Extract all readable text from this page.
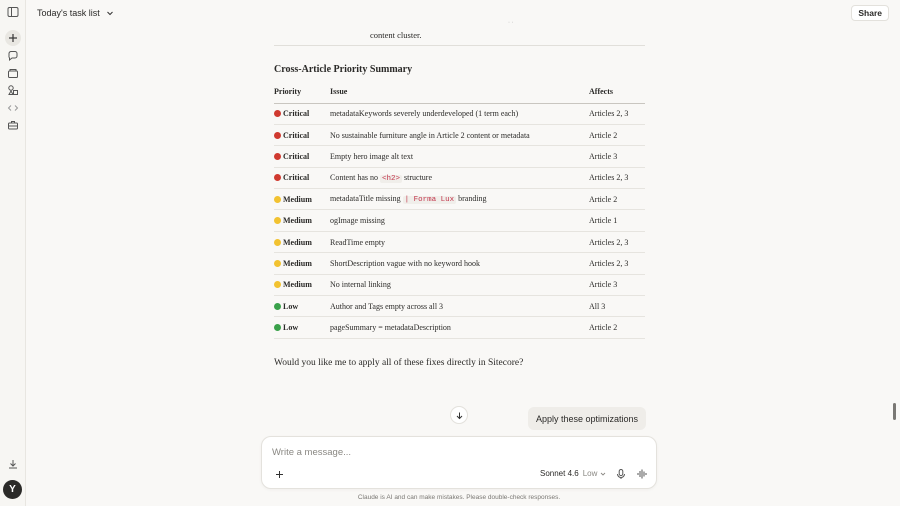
Y
Today's task list	Share
· ·
content cluster.
Cross-Article Priority Summary
Priority	Issue	Affects

Critical	metadataKeywords severely underdeveloped (1 term each)	Articles 2, 3

Critical	No sustainable furniture angle in Article 2 content or metadata	Article 2

Critical	Empty hero image alt text	Article 3

Critical	Content has no <h2> structure	Articles 2, 3

Medium	metadataTitle missing | Forma Lux branding	Article 2

Medium	ogImage missing	Article 1

Medium	ReadTime empty	Articles 2, 3

Medium	ShortDescription vague with no keyword hook	Articles 2, 3

Medium	No internal linking	Article 3

Low	Author and Tags empty across all 3	All 3

Low	pageSummary = metadataDescription	Article 2
Would you like me to apply all of these fixes directly in Sitecore?
Apply these optimizations
Write a message...
Sonnet 4.6 Low
Claude is AI and can make mistakes. Please double-check responses.
